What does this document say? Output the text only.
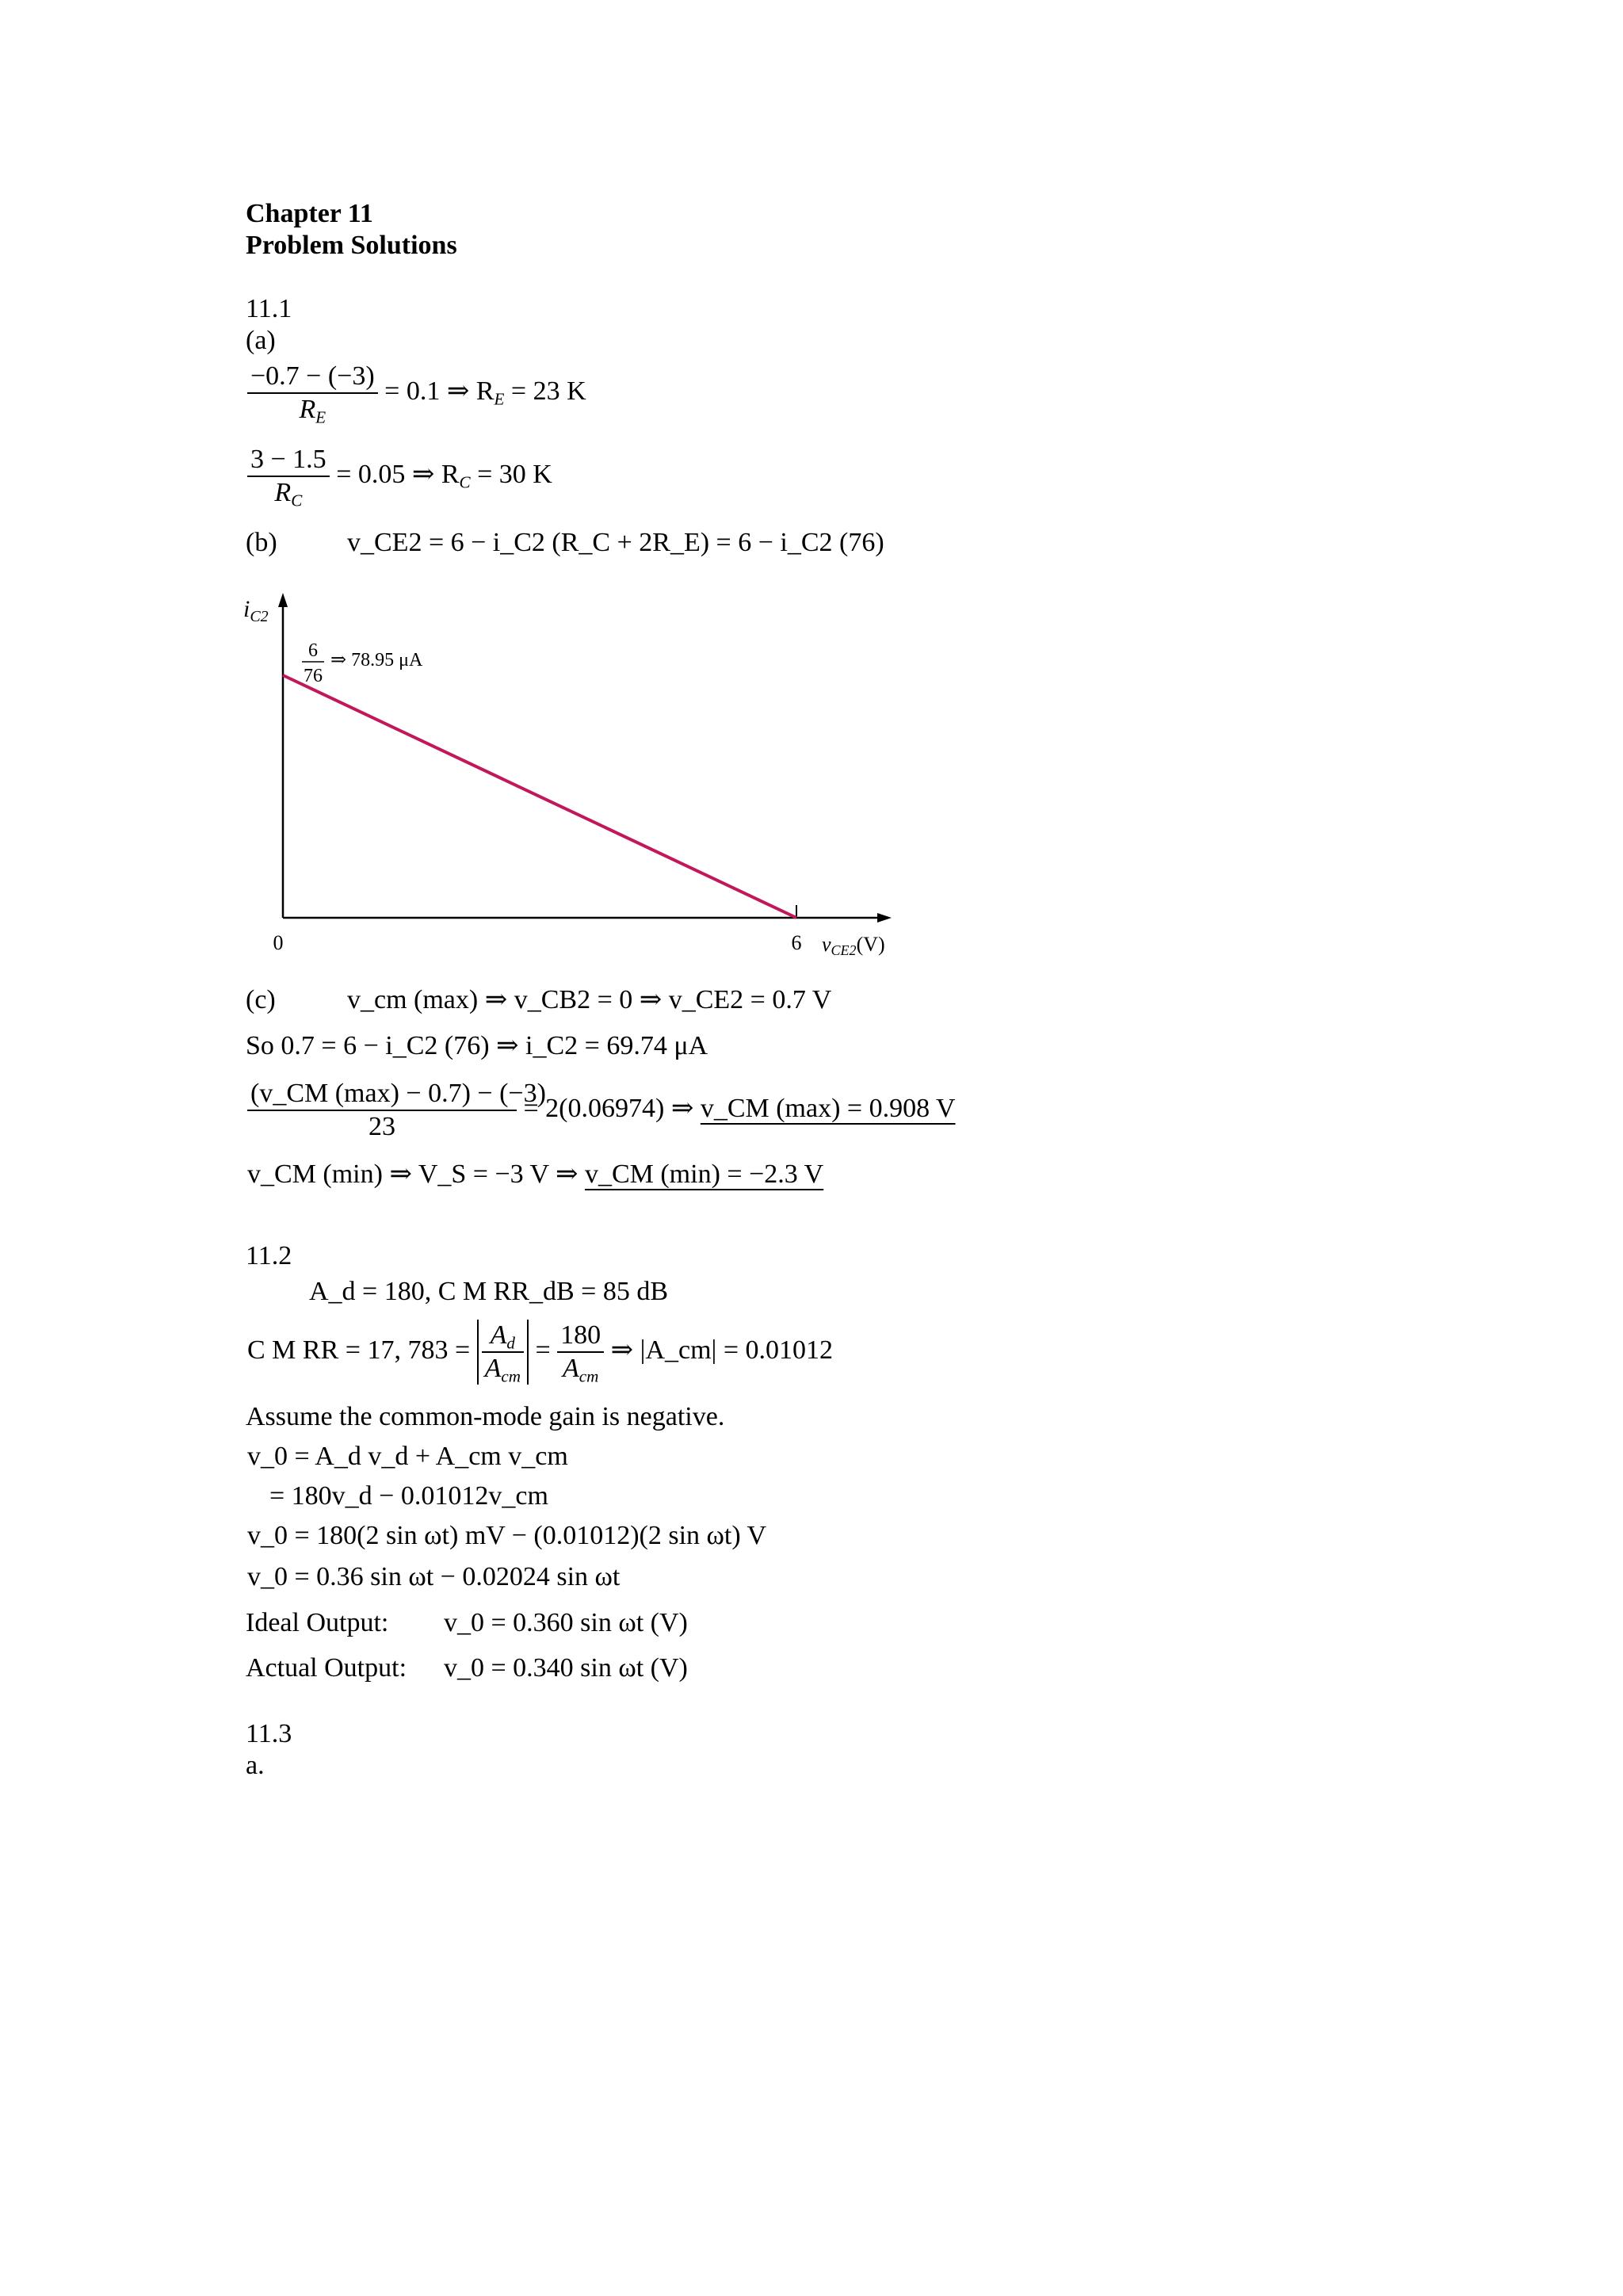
Chapter 11
Problem Solutions
11.1
(a)
$\frac{-0.7 - (-3)}{R_E} = 0.1$ ⇒ $R_E = 23$ K
$\frac{3 - 1.5}{R_C} = 0.05$ ⇒ $R_C = 30$ K
(b)	v_CE2 = 6 − i_C2 (R_C + 2R_E) = 6 − i_C2 (76)
$i_{C2}$
6
76
⇒ 78.95 μA
0	6 vCE2(V)
(c)	v_cm (max) ⇒ v_CB2 = 0 ⇒ v_CE2 = 0.7 V
So 0.7 = 6 − i_C2 (76) ⇒ i_C2 = 69.74 μA
$\frac{(v\_CM (\max) - 0.7) - (-3)}{23} = 2(0.06974)$ ⇒ v_CM (max) = 0.908 V
v_CM (min) ⇒ V_S = −3 V ⇒ v_CM (min) = −2.3 V
11.2
A_d = 180, C M RR_dB = 85 dB
C M RR = 17, $783 = \frac{A_d}{A_{cm}} = \frac{180}{A_{cm}}$ ⇒ |A_cm| = 0.01012
Assume the common-mode gain is negative.
v_0 = A_d v_d + A_cm v_cm
= 180v_d − 0.01012v_cm
v_0 = 180(2 sin ωt) mV − (0.01012)(2 sin ωt) V
v_0 = 0.36 sin ωt − 0.02024 sin ωt
Ideal Output: v_0 = 0.360 sin ωt (V)
Actual Output: v_0 = 0.340 sin ωt (V)
11.3
a.
